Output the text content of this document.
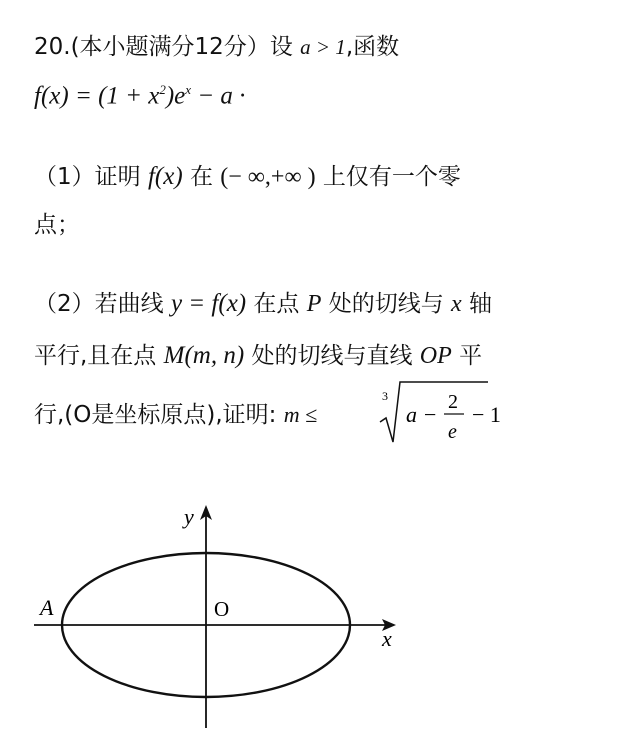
20.(本小题满分12分）设 a > 1,函数
$f(x) = (1 + x^2)e^x - a$ ·
（1）证明 f(x) 在 (− ∞,+∞ ) 上仅有一个零
点；
（2）若曲线 y = f(x) 在点 P 处的切线与 x 轴
平行,且在点 M(m, n) 处的切线与直线 OP 平
行,(O是坐标原点),证明: m ≤
3
a − 2
e
− 1
y
x
O
A
